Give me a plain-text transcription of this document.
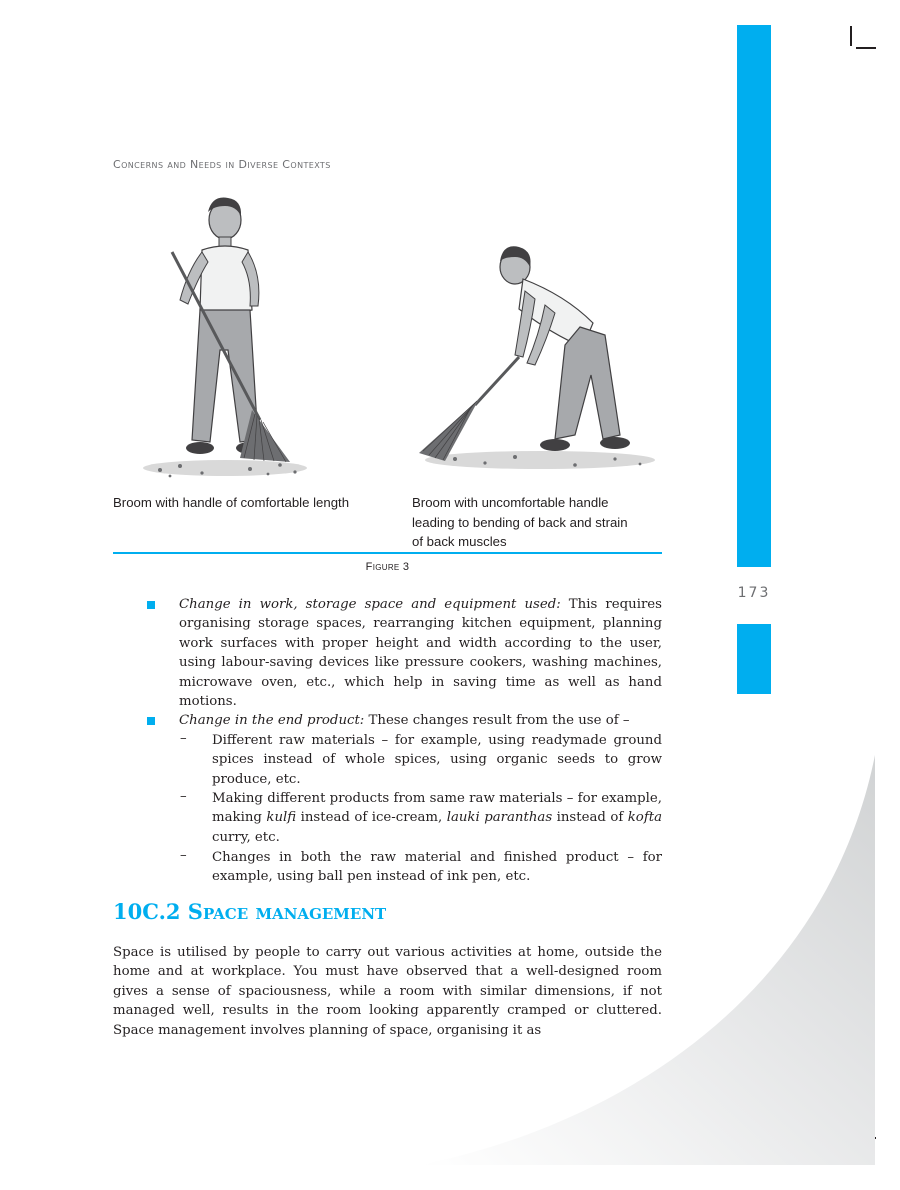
173
Concerns and Needs in Diverse Contexts
Broom with handle of comfortable length	Broom with uncomfortable handle leading to bending of back and strain of back muscles
Figure 3
Change in work, storage space and equipment used: This requires organising storage spaces, rearranging kitchen equipment, planning work surfaces with proper height and width according to the user, using labour-saving devices like pressure cookers, washing machines, microwave oven, etc., which help in saving time as well as hand motions.
Change in the end product: These changes result from the use of –
– Different raw materials – for example, using readymade ground spices instead of whole spices, using organic seeds to grow produce, etc.
– Making different products from same raw materials – for example, making kulfi instead of ice-cream, lauki paranthas instead of kofta curry, etc.
– Changes in both the raw material and finished product – for example, using ball pen instead of ink pen, etc.
10C.2 Space management
Space is utilised by people to carry out various activities at home, outside the home and at workplace. You must have observed that a well-designed room gives a sense of spaciousness, while a room with similar dimensions, if not managed well, results in the room looking apparently cramped or cluttered. Space management involves planning of space, organising it as
